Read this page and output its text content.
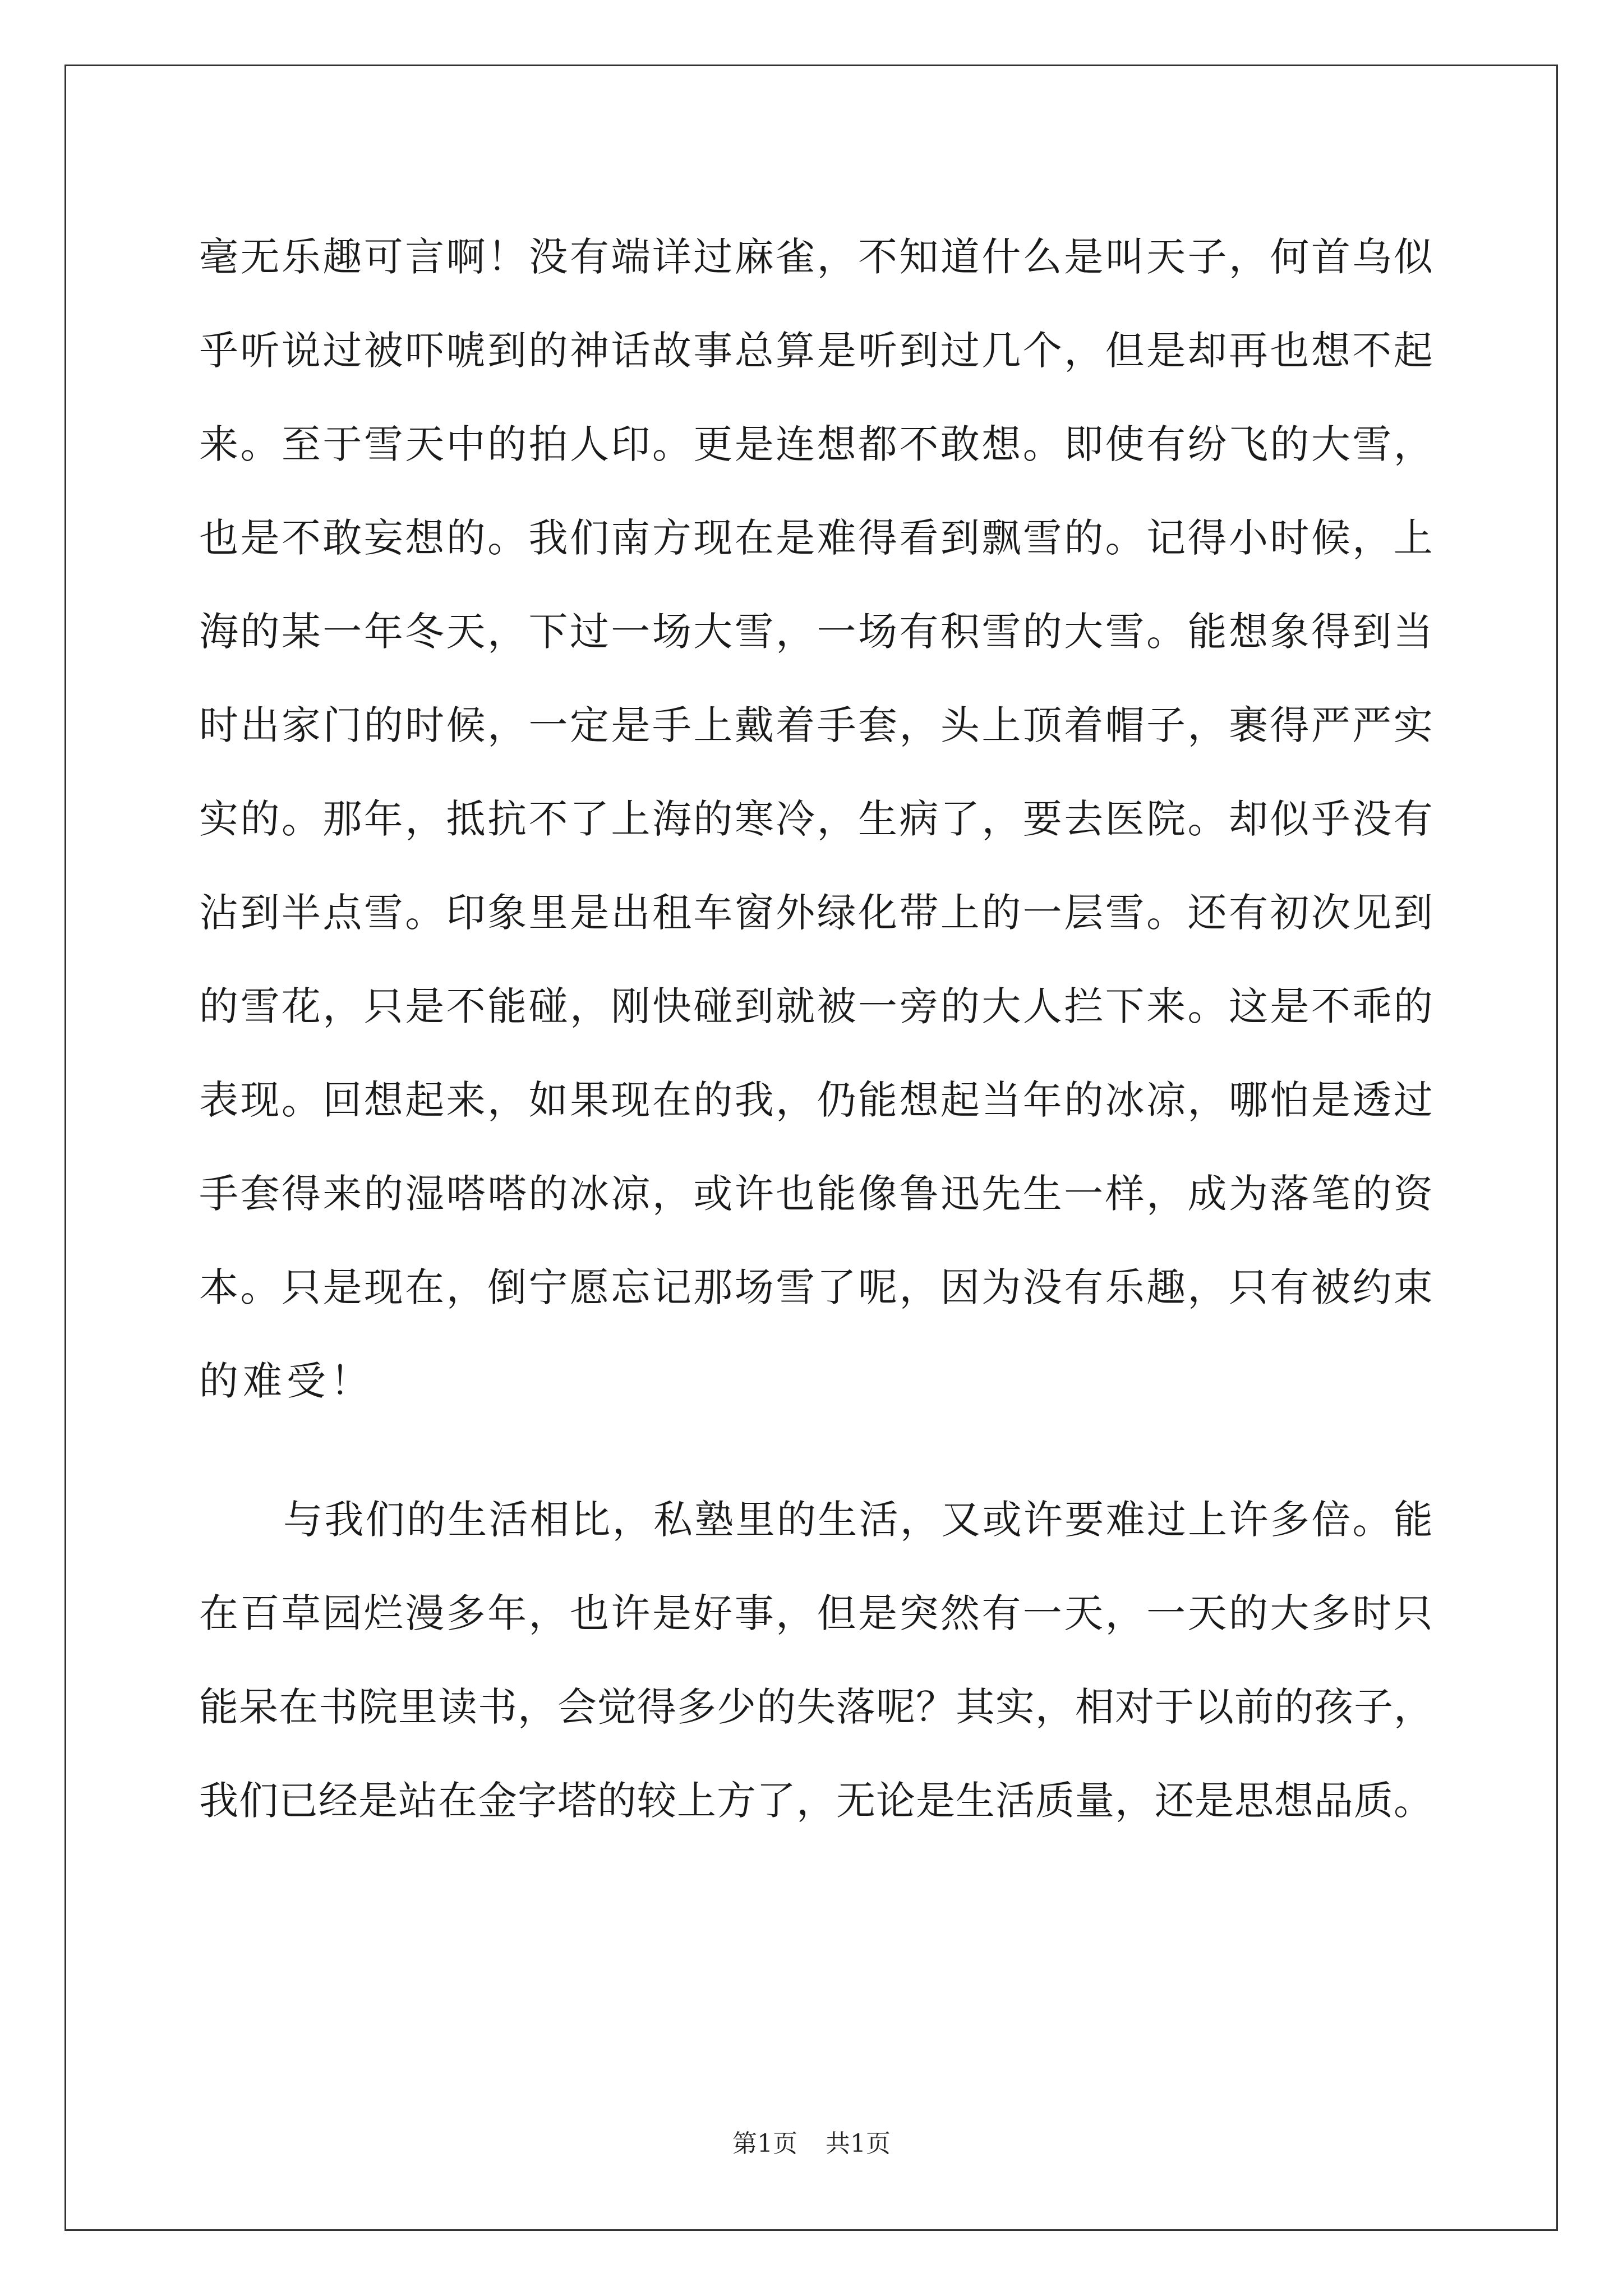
毫 无 乐 趣 可 言 啊 ！ 没 有 端 详 过 麻 雀 ， 不 知 道 什 么 是 叫 天 子 ， 何 首 乌 似
乎 听 说 过 被 吓 唬 到 的 神 话 故 事 总 算 是 听 到 过 几 个 ， 但 是 却 再 也 想 不 起
来 。 至 于 雪 天 中 的 拍 人 印 。 更 是 连 想 都 不 敢 想 。 即 使 有 纷 飞 的 大 雪 ，
也 是 不 敢 妄 想 的 。 我 们 南 方 现 在 是 难 得 看 到 飘 雪 的 。 记 得 小 时 候 ， 上
海 的 某 一 年 冬 天 ， 下 过 一 场 大 雪 ， 一 场 有 积 雪 的 大 雪 。 能 想 象 得 到 当
时 出 家 门 的 时 候 ， 一 定 是 手 上 戴 着 手 套 ， 头 上 顶 着 帽 子 ， 裹 得 严 严 实
实 的 。 那 年 ， 抵 抗 不 了 上 海 的 寒 冷 ， 生 病 了 ， 要 去 医 院 。 却 似 乎 没 有
沾 到 半 点 雪 。 印 象 里 是 出 租 车 窗 外 绿 化 带 上 的 一 层 雪 。 还 有 初 次 见 到
的 雪 花 ， 只 是 不 能 碰 ， 刚 快 碰 到 就 被 一 旁 的 大 人 拦 下 来 。 这 是 不 乖 的
表 现 。 回 想 起 来 ， 如 果 现 在 的 我 ， 仍 能 想 起 当 年 的 冰 凉 ， 哪 怕 是 透 过
手 套 得 来 的 湿 嗒 嗒 的 冰 凉 ， 或 许 也 能 像 鲁 迅 先 生 一 样 ， 成 为 落 笔 的 资
本 。 只 是 现 在 ， 倒 宁 愿 忘 记 那 场 雪 了 呢 ， 因 为 没 有 乐 趣 ， 只 有 被 约 束
的 难 受 ！
与 我 们 的 生 活 相 比 ， 私 塾 里 的 生 活 ， 又 或 许 要 难 过 上 许 多 倍 。 能
在 百 草 园 烂 漫 多 年 ， 也 许 是 好 事 ， 但 是 突 然 有 一 天 ， 一 天 的 大 多 时 只
能 呆 在 书 院 里 读 书 ， 会 觉 得 多 少 的 失 落 呢 ？ 其 实 ， 相 对 于 以 前 的 孩 子 ，
我 们 已 经 是 站 在 金 字 塔 的 较 上 方 了 ， 无 论 是 生 活 质 量 ， 还 是 思 想 品 质 。
第1页 共1页
